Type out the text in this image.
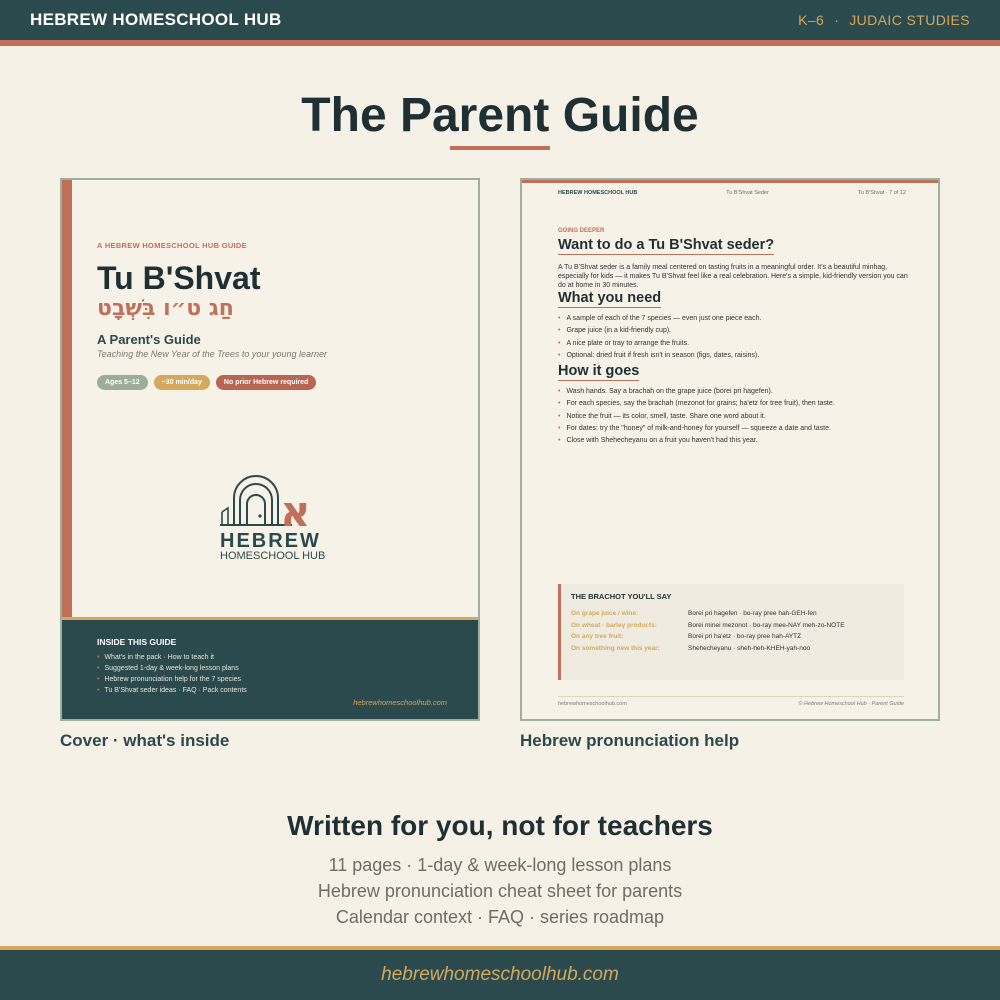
HEBREW HOMESCHOOL HUB	K–6 · JUDAIC STUDIES
The Parent Guide
A HEBREW HOMESCHOOL HUB GUIDE
Tu B'Shvat
חַג ט״ו בִּשְׁבָט
A Parent's Guide
Teaching the New Year of the Trees to your young learner
Ages 5–12	~30 min/day	No prior Hebrew required
א
HEBREW
HOMESCHOOL HUB
INSIDE THIS GUIDE
• What's in the pack · How to teach it
• Suggested 1-day & week-long lesson plans
• Hebrew pronunciation help for the 7 species
• Tu B'Shvat seder ideas · FAQ · Pack contents
hebrewhomeschoolhub.com
HEBREW HOMESCHOOL HUB	Tu B'Shvat Seder	Tu B'Shvat · 7 of 12
GOING DEEPER
Want to do a Tu B'Shvat seder?
A Tu B'Shvat seder is a family meal centered on tasting fruits in a meaningful order. It's a beautiful minhag, especially for kids — it makes Tu B'Shvat feel like a real celebration. Here's a simple, kid-friendly version you can do at home in 30 minutes.
What you need
• A sample of each of the 7 species — even just one piece each.
• Grape juice (in a kid-friendly cup).
• A nice plate or tray to arrange the fruits.
• Optional: dried fruit if fresh isn't in season (figs, dates, raisins).
How it goes
• Wash hands. Say a brachah on the grape juice (borei pri hagefen).
• For each species, say the brachah (mezonot for grains; ha'etz for tree fruit), then taste.
• Notice the fruit — its color, smell, taste. Share one word about it.
• For dates: try the "honey" of milk-and-honey for yourself — squeeze a date and taste.
• Close with Shehecheyanu on a fruit you haven't had this year.
THE BRACHOT YOU'LL SAY
On grape juice / wine:	Borei pri hagefen · bo-ray pree hah-GEH-fen
On wheat · barley products:	Borei minei mezonot · bo-ray mee-NAY meh-zo-NOTE
On any tree fruit:	Borei pri ha'etz · bo-ray pree hah-AYTZ
On something new this year:	Shehecheyanu · sheh-heh-KHEH-yah-noo
hebrewhomeschoolhub.com	© Hebrew Homeschool Hub · Parent Guide
Cover · what's inside	Hebrew pronunciation help
Written for you, not for teachers
11 pages · 1-day & week-long lesson plans
Hebrew pronunciation cheat sheet for parents
Calendar context · FAQ · series roadmap
hebrewhomeschoolhub.com
